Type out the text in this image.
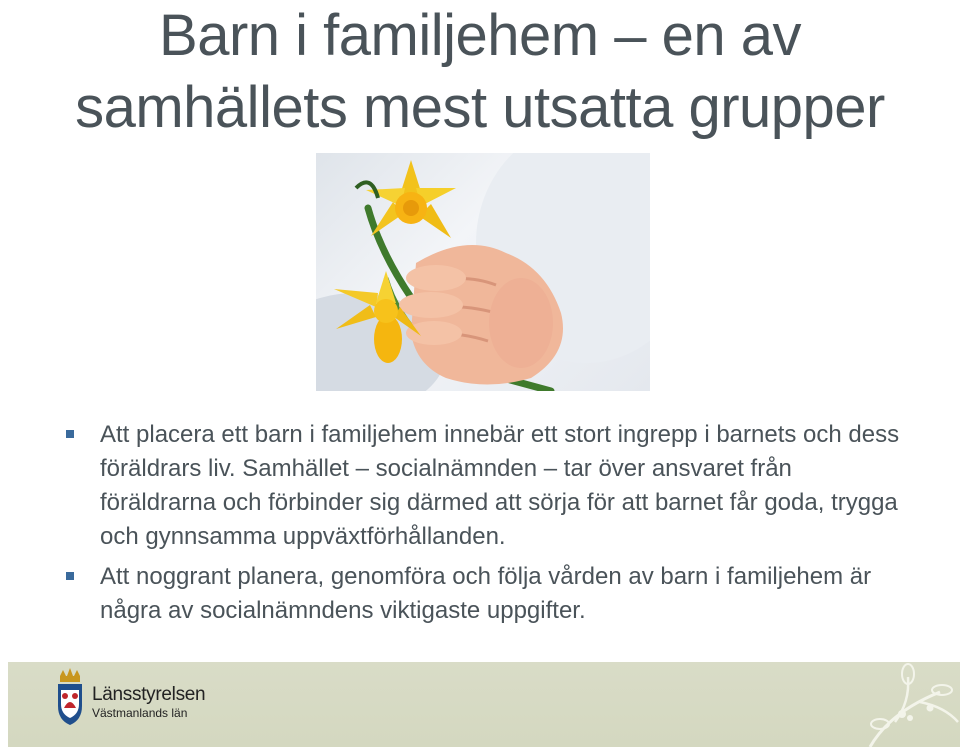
Barn i familjehem – en av samhällets mest utsatta grupper
Att placera ett barn i familjehem innebär ett stort ingrepp i barnets och dess föräldrars liv. Samhället – socialnämnden – tar över ansvaret från föräldrarna och förbinder sig därmed att sörja för att barnet får goda, trygga och gynnsamma uppväxtförhållanden.
Att noggrant planera, genomföra och följa vården av barn i familjehem är några av socialnämndens viktigaste uppgifter.
Länsstyrelsen
Västmanlands län
